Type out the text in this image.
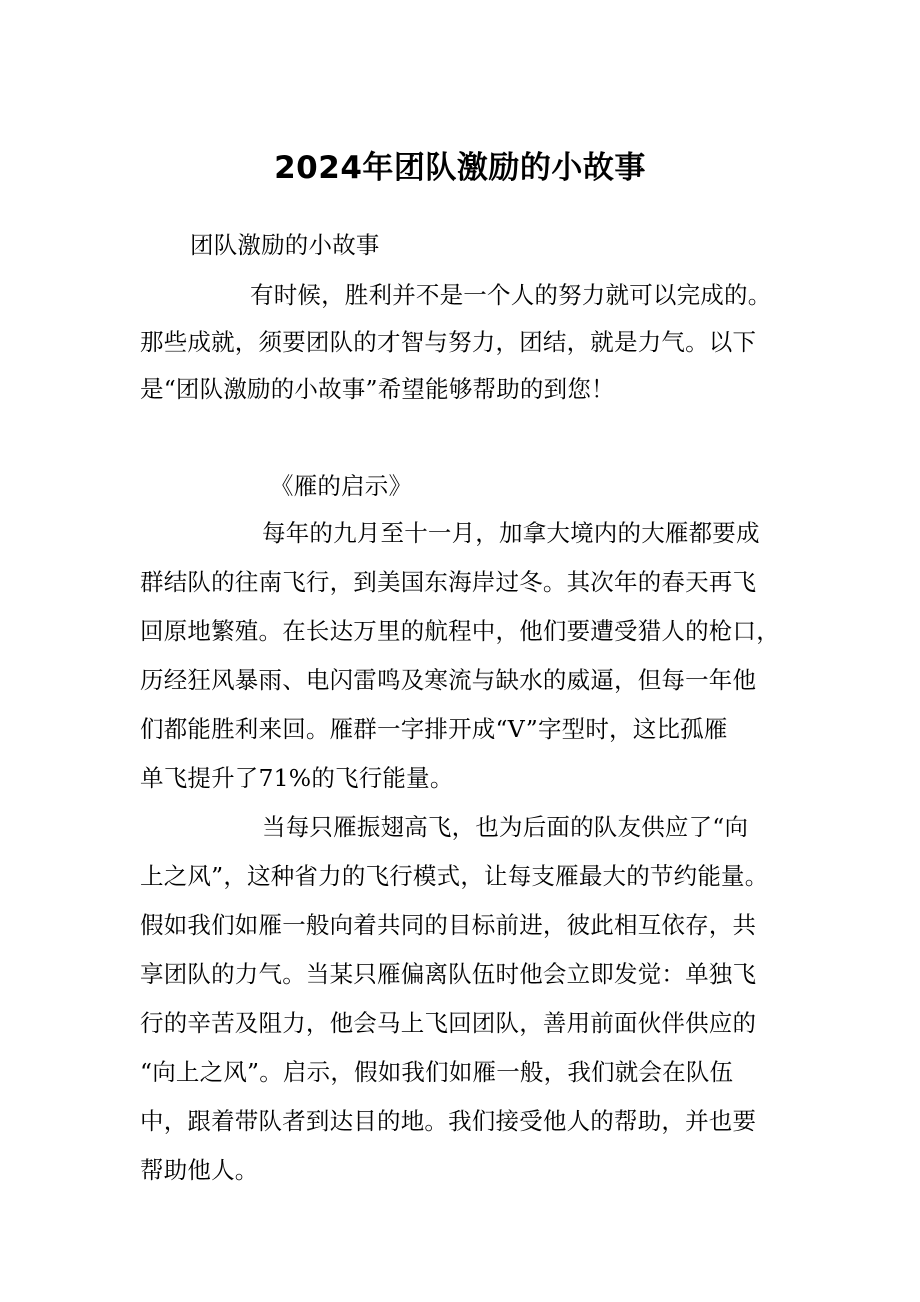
2024年团队激励的小故事
团队激励的小故事
有时候，胜利并不是一个人的努力就可以完成的。
那些成就，须要团队的才智与努力，团结，就是力气。以下
是“团队激励的小故事”希望能够帮助的到您！
《雁的启示》
每年的九月至十一月，加拿大境内的大雁都要成
群结队的往南飞行，到美国东海岸过冬。其次年的春天再飞
回原地繁殖。在长达万里的航程中，他们要遭受猎人的枪口，
历经狂风暴雨、电闪雷鸣及寒流与缺水的威逼，但每一年他
们都能胜利来回。雁群一字排开成“V”字型时，这比孤雁
单飞提升了71%的飞行能量。
当每只雁振翅高飞，也为后面的队友供应了“向
上之风”，这种省力的飞行模式，让每支雁最大的节约能量。
假如我们如雁一般向着共同的目标前进，彼此相互依存，共
享团队的力气。当某只雁偏离队伍时他会立即发觉：单独飞
行的辛苦及阻力，他会马上飞回团队，善用前面伙伴供应的
“向上之风”。启示，假如我们如雁一般，我们就会在队伍
中，跟着带队者到达目的地。我们接受他人的帮助，并也要
帮助他人。
